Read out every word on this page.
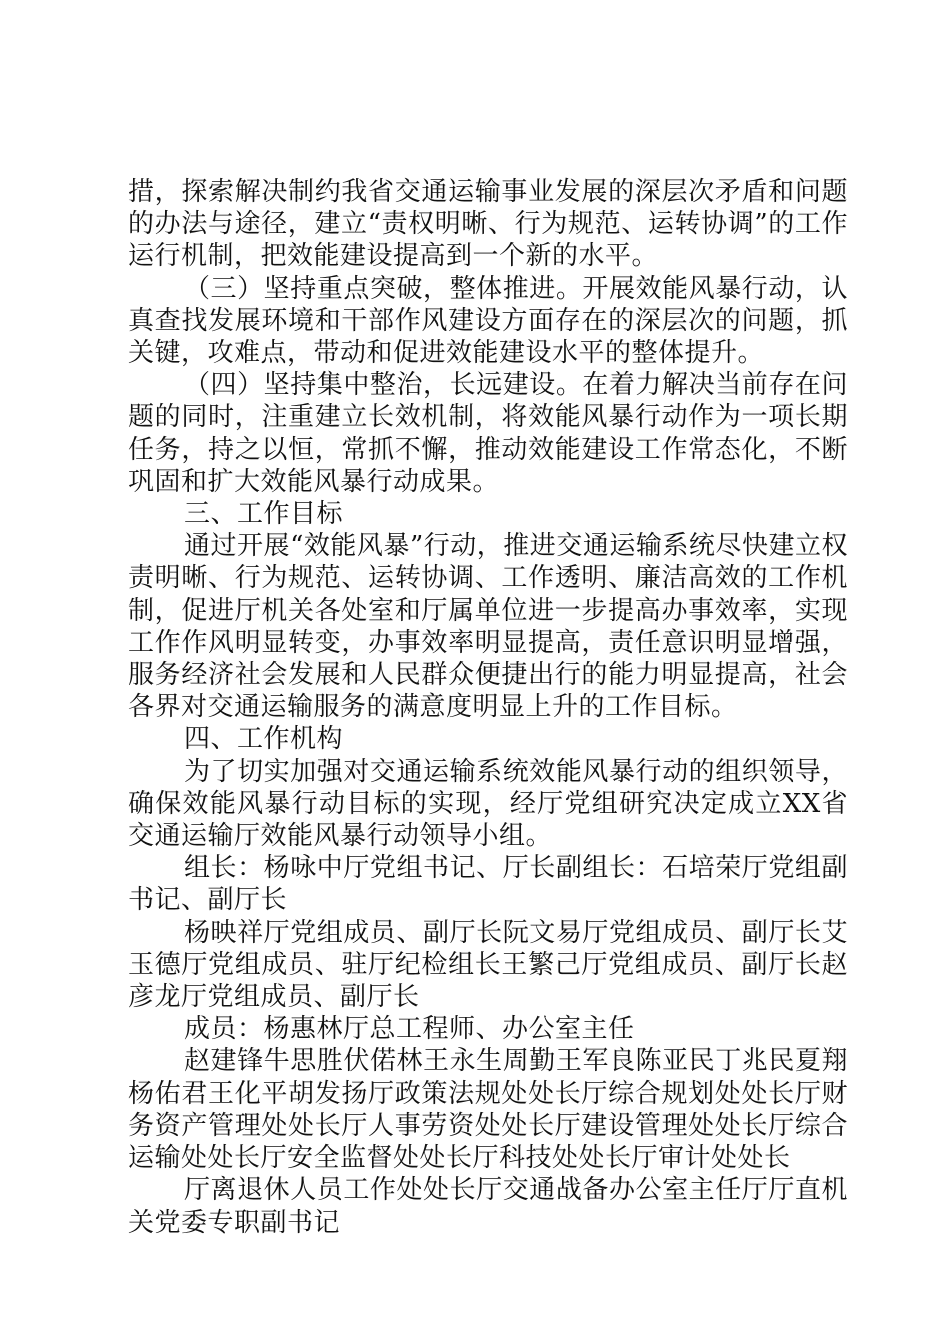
措，探索解决制约我省交通运输事业发展的深层次矛盾和问题的办法与途径，建立“责权明晰、行为规范、运转协调”的工作运行机制，把效能建设提高到一个新的水平。

（三）坚持重点突破，整体推进。开展效能风暴行动，认真查找发展环境和干部作风建设方面存在的深层次的问题，抓关键，攻难点，带动和促进效能建设水平的整体提升。

（四）坚持集中整治，长远建设。在着力解决当前存在问题的同时，注重建立长效机制，将效能风暴行动作为一项长期任务，持之以恒，常抓不懈，推动效能建设工作常态化，不断巩固和扩大效能风暴行动成果。

三、工作目标

通过开展“效能风暴”行动，推进交通运输系统尽快建立权责明晰、行为规范、运转协调、工作透明、廉洁高效的工作机制，促进厅机关各处室和厅属单位进一步提高办事效率，实现工作作风明显转变，办事效率明显提高，责任意识明显增强，服务经济社会发展和人民群众便捷出行的能力明显提高，社会各界对交通运输服务的满意度明显上升的工作目标。

四、工作机构

为了切实加强对交通运输系统效能风暴行动的组织领导，确保效能风暴行动目标的实现，经厅党组研究决定成立XX省交通运输厅效能风暴行动领导小组。

组长：杨咏中厅党组书记、厅长副组长：石培荣厅党组副书记、副厅长

杨映祥厅党组成员、副厅长阮文易厅党组成员、副厅长艾玉德厅党组成员、驻厅纪检组长王繁己厅党组成员、副厅长赵彦龙厅党组成员、副厅长

成员：杨惠林厅总工程师、办公室主任

赵建锋牛思胜伏偌林王永生周勤王军良陈亚民丁兆民夏翔杨佑君王化平胡发扬厅政策法规处处长厅综合规划处处长厅财务资产管理处处长厅人事劳资处处长厅建设管理处处长厅综合运输处处长厅安全监督处处长厅科技处处长厅审计处处长

厅离退休人员工作处处长厅交通战备办公室主任厅厅直机关党委专职副书记
